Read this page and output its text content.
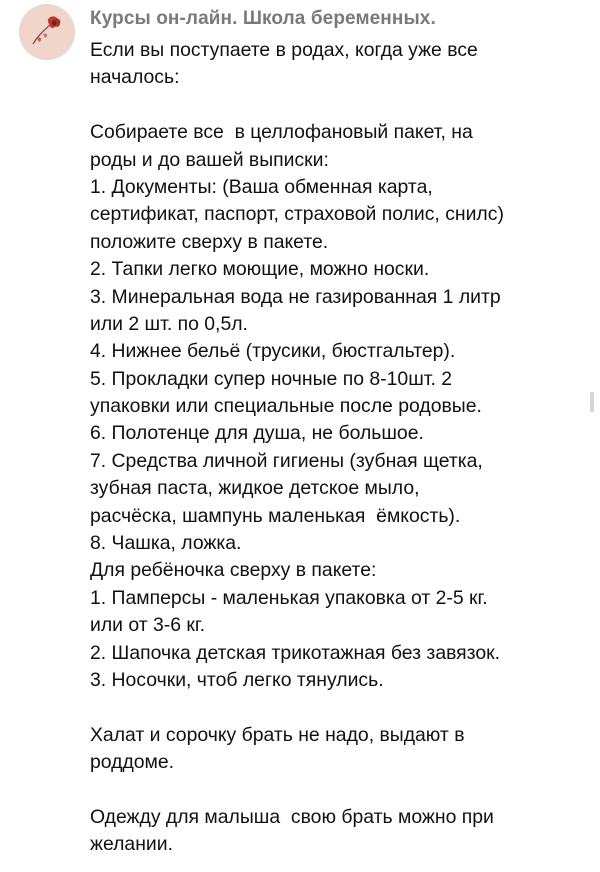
Курсы он-лайн. Школа беременных.
Если вы поступаете в родах, когда уже все
началось:
Собираете все  в целлофановый пакет, на
роды и до вашей выписки:
1. Документы: (Ваша обменная карта,
сертификат, паспорт, страховой полис, снилс)
положите сверху в пакете.
2. Тапки легко моющие, можно носки.
3. Минеральная вода не газированная 1 литр
или 2 шт. по 0,5л.
4. Нижнее бельё (трусики, бюстгальтер).
5. Прокладки супер ночные по 8-10шт. 2
упаковки или специальные после родовые.
6. Полотенце для душа, не большое.
7. Средства личной гигиены (зубная щетка,
зубная паста, жидкое детское мыло,
расчёска, шампунь маленькая  ёмкость).
8. Чашка, ложка.
Для ребёночка сверху в пакете:
1. Памперсы - маленькая упаковка от 2-5 кг.
или от 3-6 кг.
2. Шапочка детская трикотажная без завязок.
3. Носочки, чтоб легко тянулись.
Халат и сорочку брать не надо, выдают в
роддоме.
Одежду для малыша  свою брать можно при
желании.
